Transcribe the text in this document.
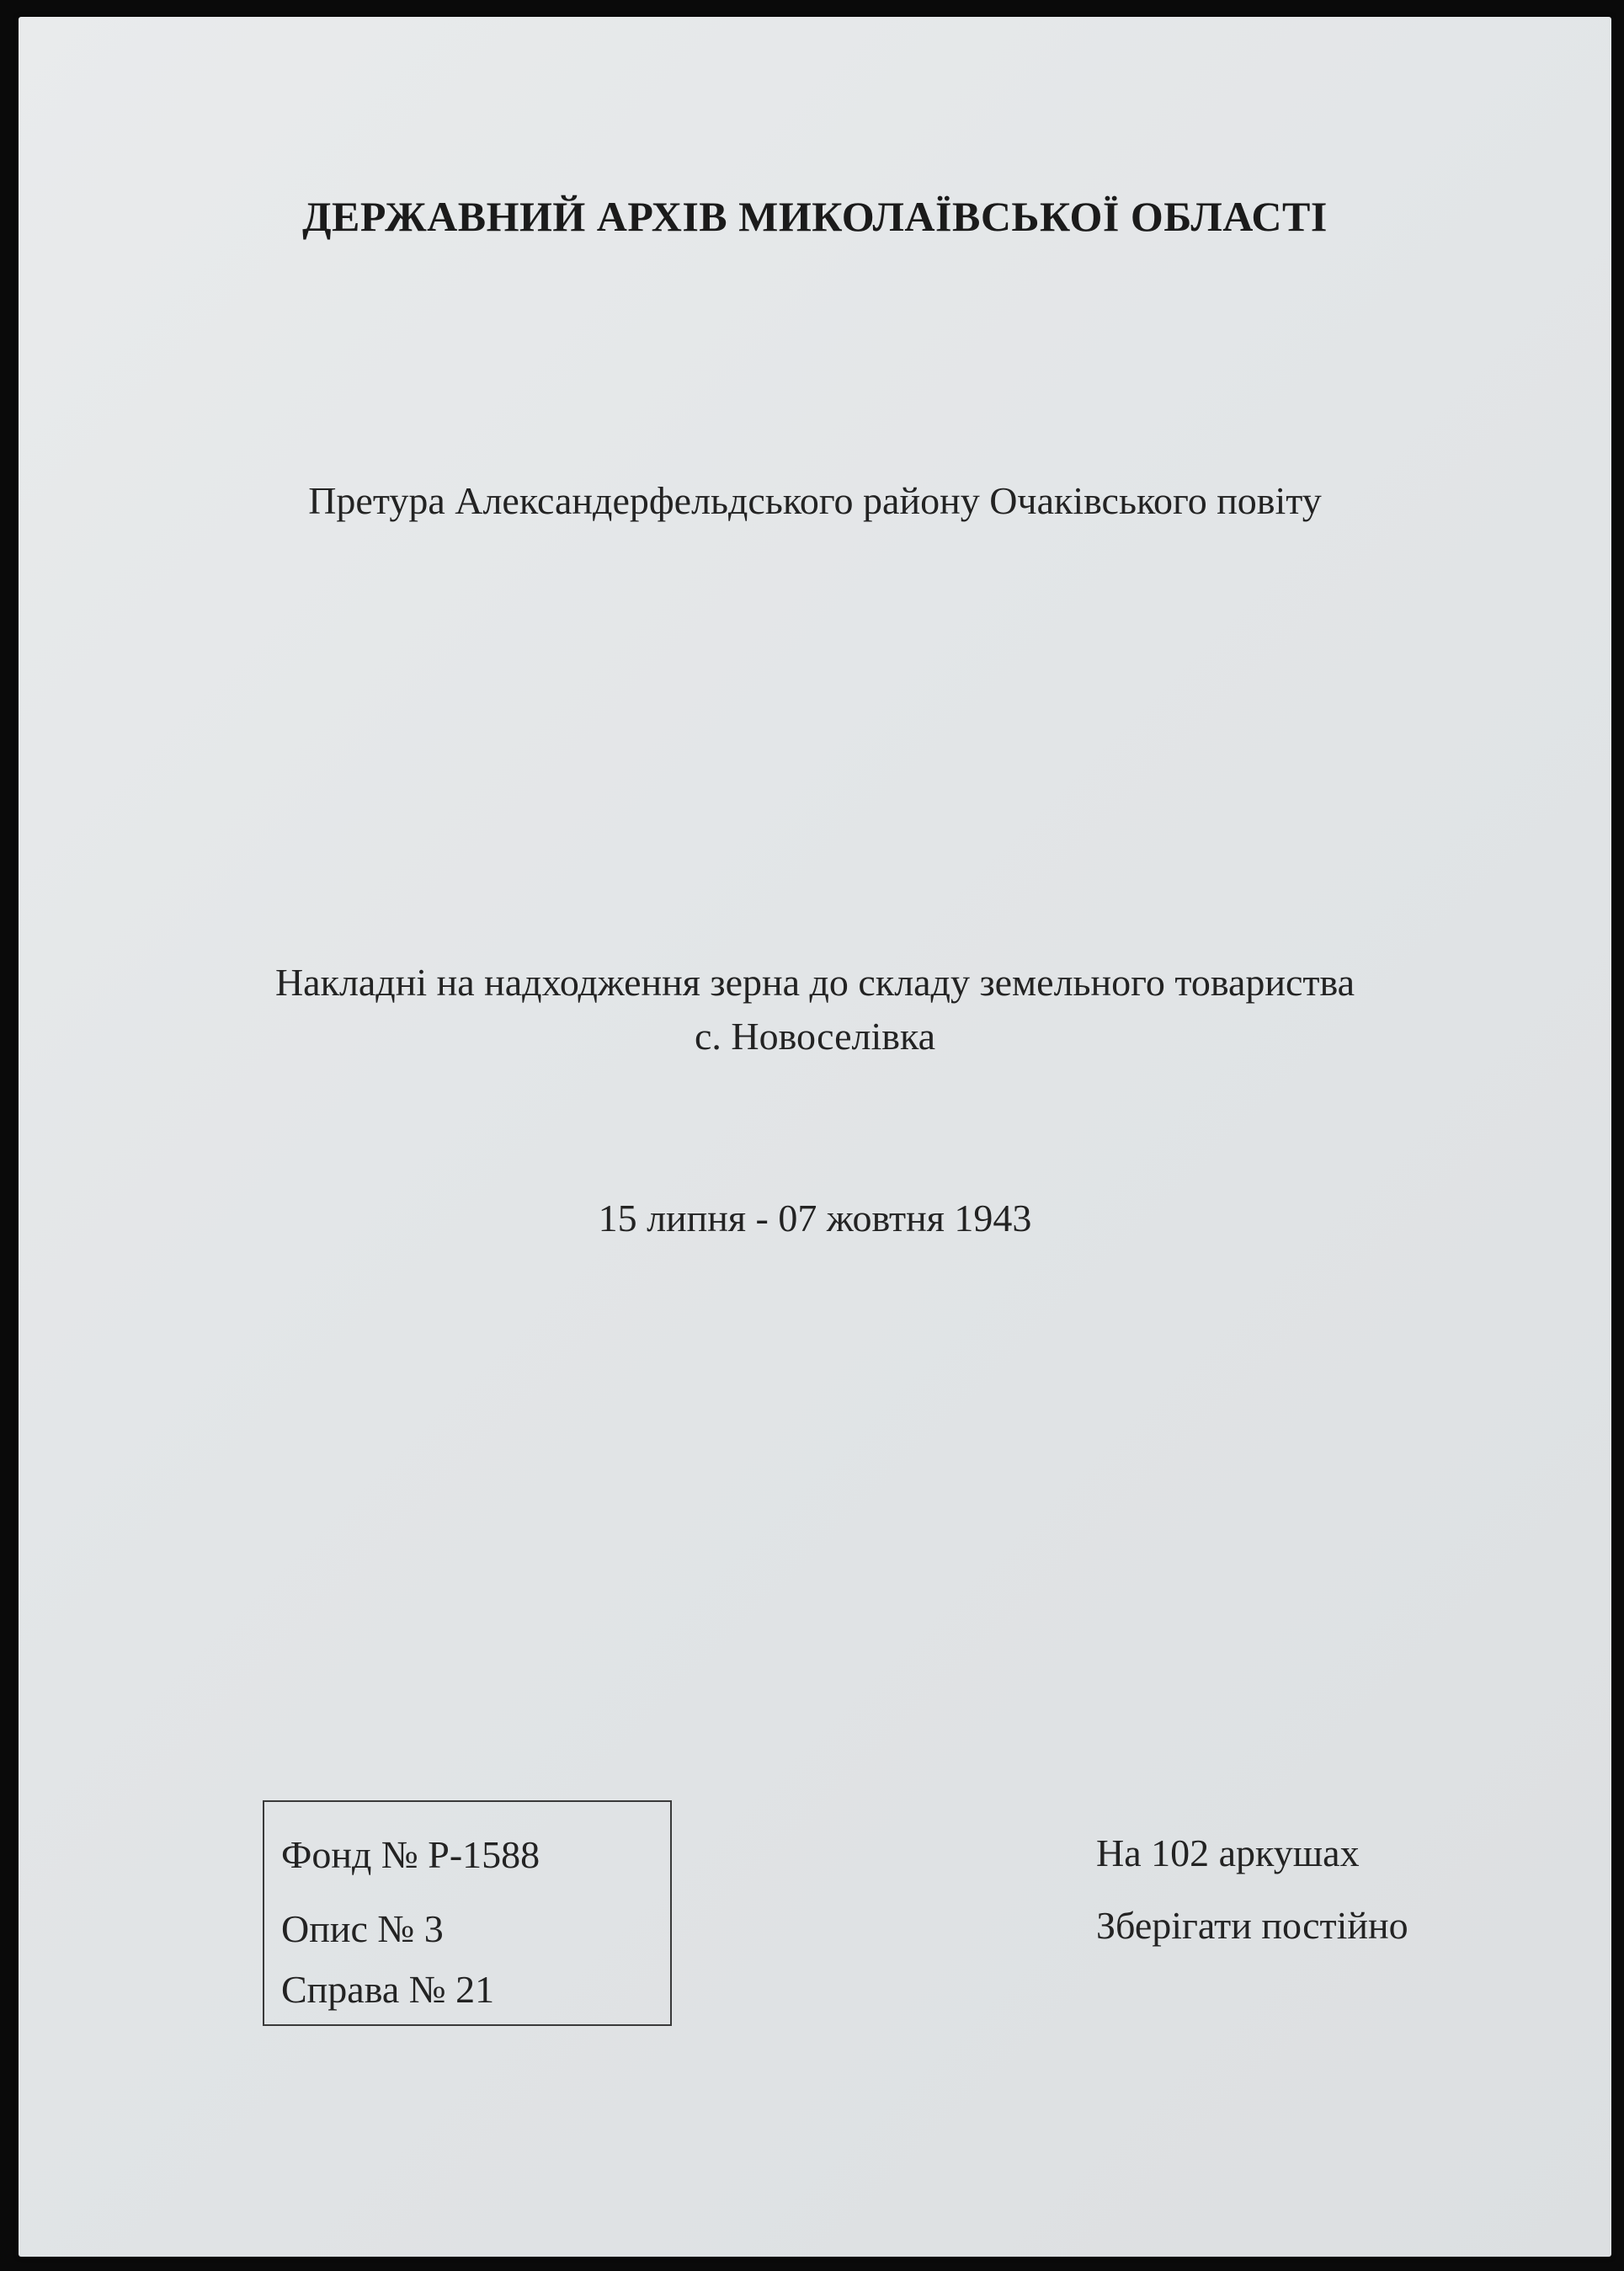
ДЕРЖАВНИЙ АРХІВ МИКОЛАЇВСЬКОЇ ОБЛАСТІ
Претура Александерфельдського району Очаківського повіту
Накладні на надходження зерна до складу земельного товариства
с. Новоселівка
15 липня - 07 жовтня 1943
Фонд № Р-1588
Опис № 3
Справа № 21
На 102 аркушах
Зберігати постійно
